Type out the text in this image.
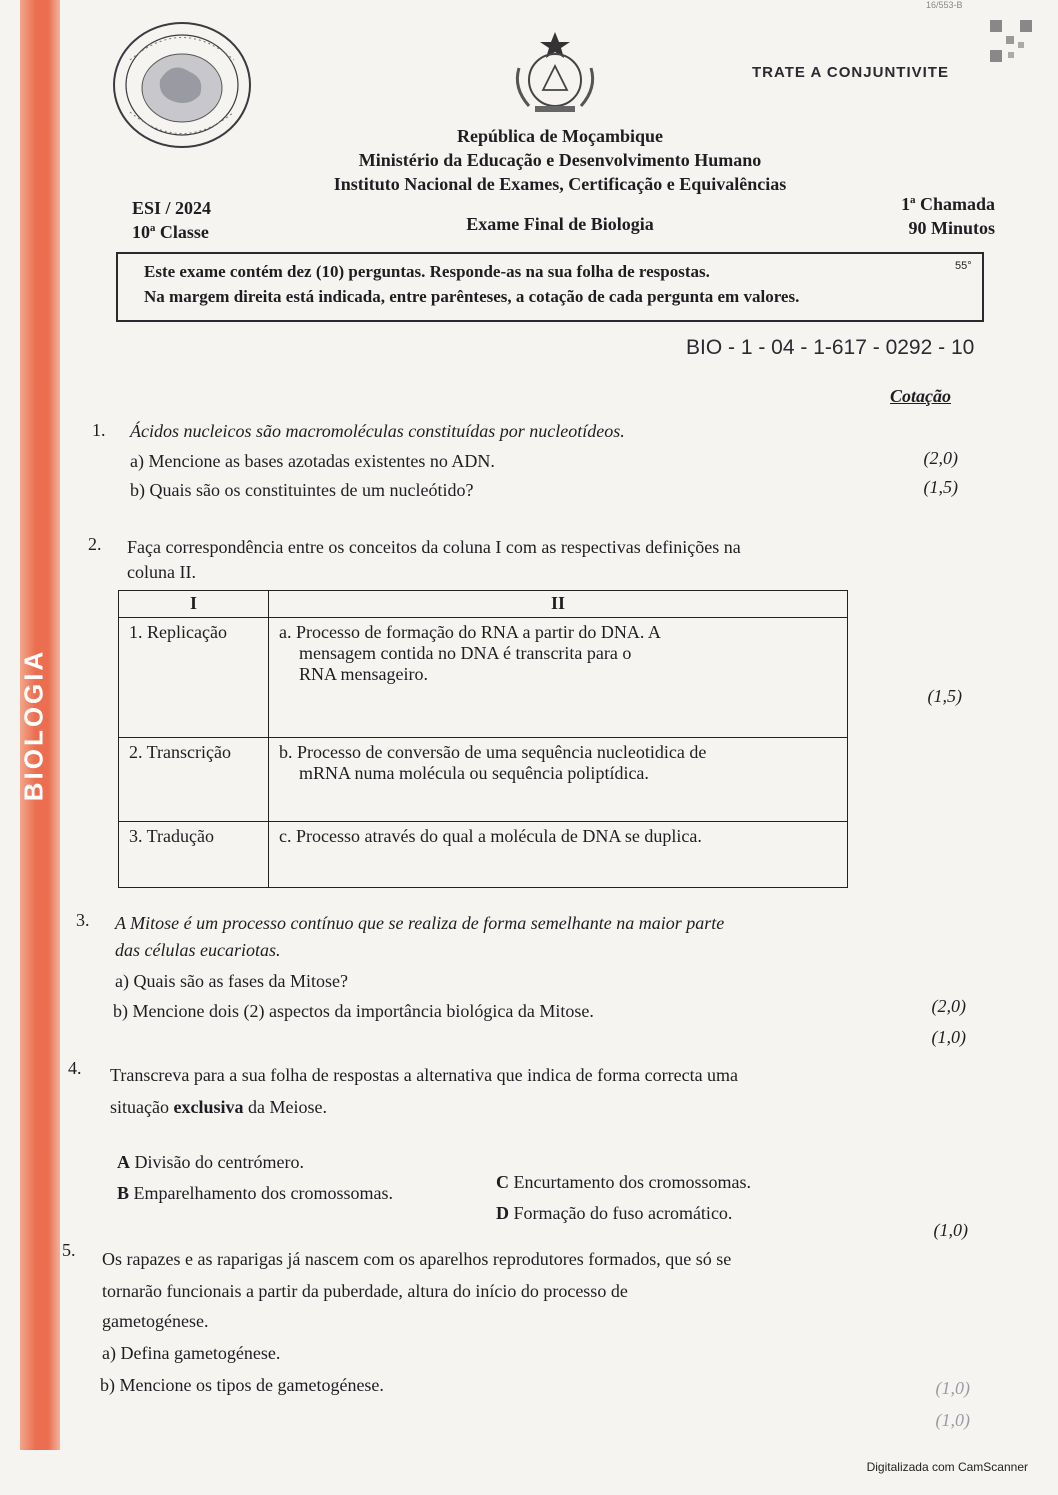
BIOLOGIA
16/553-B
TRATE A CONJUNTIVITE
República de Moçambique
Ministério da Educação e Desenvolvimento Humano
Instituto Nacional de Exames, Certificação e Equivalências
ESI / 2024
10ª Classe	Exame Final de Biologia
1ª Chamada
90 Minutos
Este exame contém dez (10) perguntas. Responde-as na sua folha de respostas.
Na margem direita está indicada, entre parênteses, a cotação de cada pergunta em valores.
55°
BIO - 1 - 04 - 1-617 - 0292 - 10
Cotação
1. Ácidos nucleicos são macromoléculas constituídas por nucleotídeos.
a) Mencione as bases azotadas existentes no ADN.	(2,0)
b) Quais são os constituintes de um nucleótido?	(1,5)
2. Faça correspondência entre os conceitos da coluna I com as respectivas definições na
coluna II.
I	II
1. Replicação	a. Processo de formação do RNA a partir do DNA. A
mensagem contida no DNA é transcrita para o
RNA mensageiro.

2. Transcrição	b. Processo de conversão de uma sequência nucleotidica de
mRNA numa molécula ou sequência poliptídica.

3. Tradução	c. Processo através do qual a molécula de DNA se duplica.
(1,5)
3. A Mitose é um processo contínuo que se realiza de forma semelhante na maior parte
das células eucariotas.
a) Quais são as fases da Mitose?
b) Mencione dois (2) aspectos da importância biológica da Mitose.	(2,0)
(1,0)
4. Transcreva para a sua folha de respostas a alternativa que indica de forma correcta uma
situação exclusiva da Meiose.
A Divisão do centrómero.
B Emparelhamento dos cromossomas.
C Encurtamento dos cromossomas.
D Formação do fuso acromático.
(1,0)
5. Os rapazes e as raparigas já nascem com os aparelhos reprodutores formados, que só se
tornarão funcionais a partir da puberdade, altura do início do processo de
gametogénese.
a) Defina gametogénese.
b) Mencione os tipos de gametogénese.	(1,0)
(1,0)
Digitalizada com CamScanner
